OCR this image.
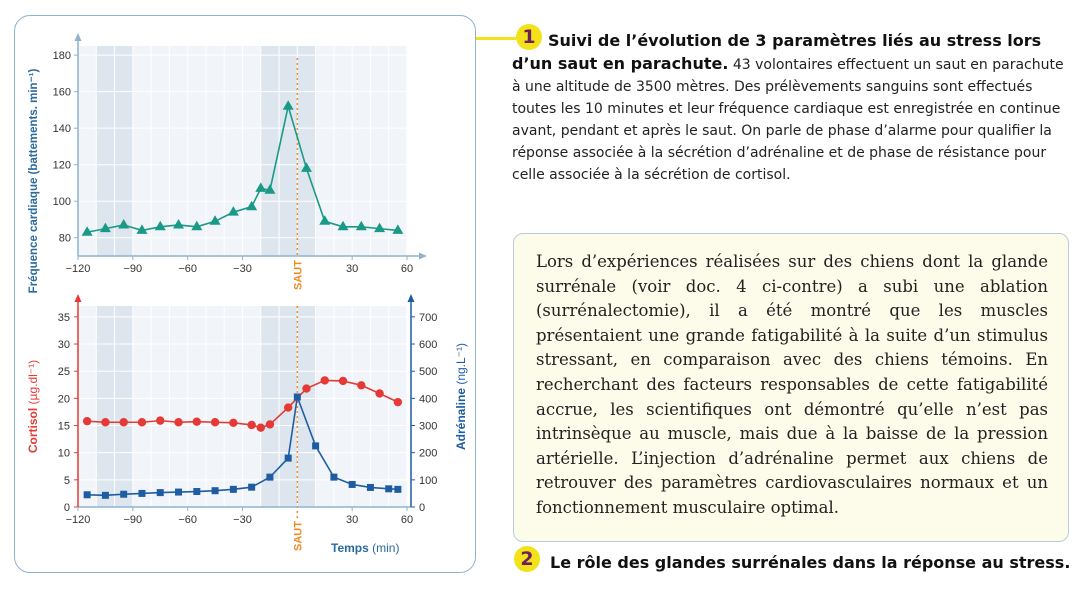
80
100
120
140
160
180
−120	−90	−60	−30	30	60
SAUT
Fréquence cardiaque (battements. min⁻¹)
0
5
10
15
20
25
30
35
0
100
200
300
400
500
600
700
−120	−90	−60	−30	30	60
SAUT Temps (min)
Cortisol (µg.dl⁻¹)
Adrénaline (ng.L⁻¹)
1 Suivi de l’évolution de 3 paramètres liés au stress lors d’un saut en parachute. 43 volontaires effectuent un saut en parachute à une altitude de 3500 mètres. Des prélèvements sanguins sont effectués toutes les 10 minutes et leur fréquence cardiaque est enregistrée en continue avant, pendant et après le saut. On parle de phase d’alarme pour qualifier la réponse associée à la sécrétion d’adrénaline et de phase de résistance pour celle associée à la sécrétion de cortisol.
Lors d’expériences réalisées sur des chiens dont la glande surrénale (voir doc. 4 ci-contre) a subi une ablation (surrénalectomie), il a été montré que les muscles présentaient une grande fatigabilité à la suite d’un stimulus stressant, en comparaison avec des chiens témoins. En recherchant des facteurs responsables de cette fatigabilité accrue, les scientifiques ont démontré qu’elle n’est pas intrinsèque au muscle, mais due à la baisse de la pression artérielle. L’injection d’adrénaline permet aux chiens de retrouver des paramètres cardiovasculaires normaux et un fonctionnement musculaire optimal.
2	Le rôle des glandes surrénales dans la réponse au stress.
